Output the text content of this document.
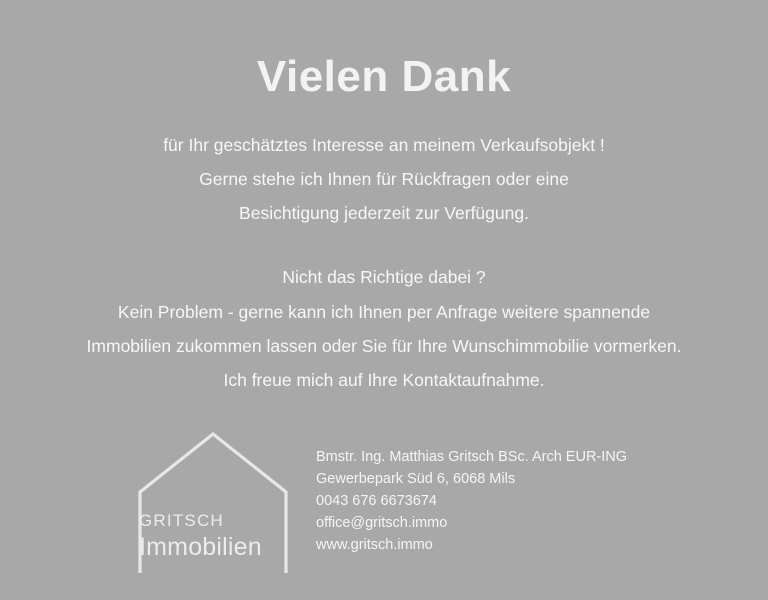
Vielen Dank

für Ihr geschätztes Interesse an meinem Verkaufsobjekt !

Gerne stehe ich Ihnen für Rückfragen oder eine

Besichtigung jederzeit zur Verfügung.

Nicht das Richtige dabei ?

Kein Problem - gerne kann ich Ihnen per Anfrage weitere spannende

Immobilien zukommen lassen oder Sie für Ihre Wunschimmobilie vormerken.

Ich freue mich auf Ihre Kontaktaufnahme.

GRITSCH
Immobilien
Bmstr. Ing. Matthias Gritsch BSc. Arch EUR-ING
Gewerbepark Süd 6, 6068 Mils
0043 676 6673674
office@gritsch.immo
www.gritsch.immo
